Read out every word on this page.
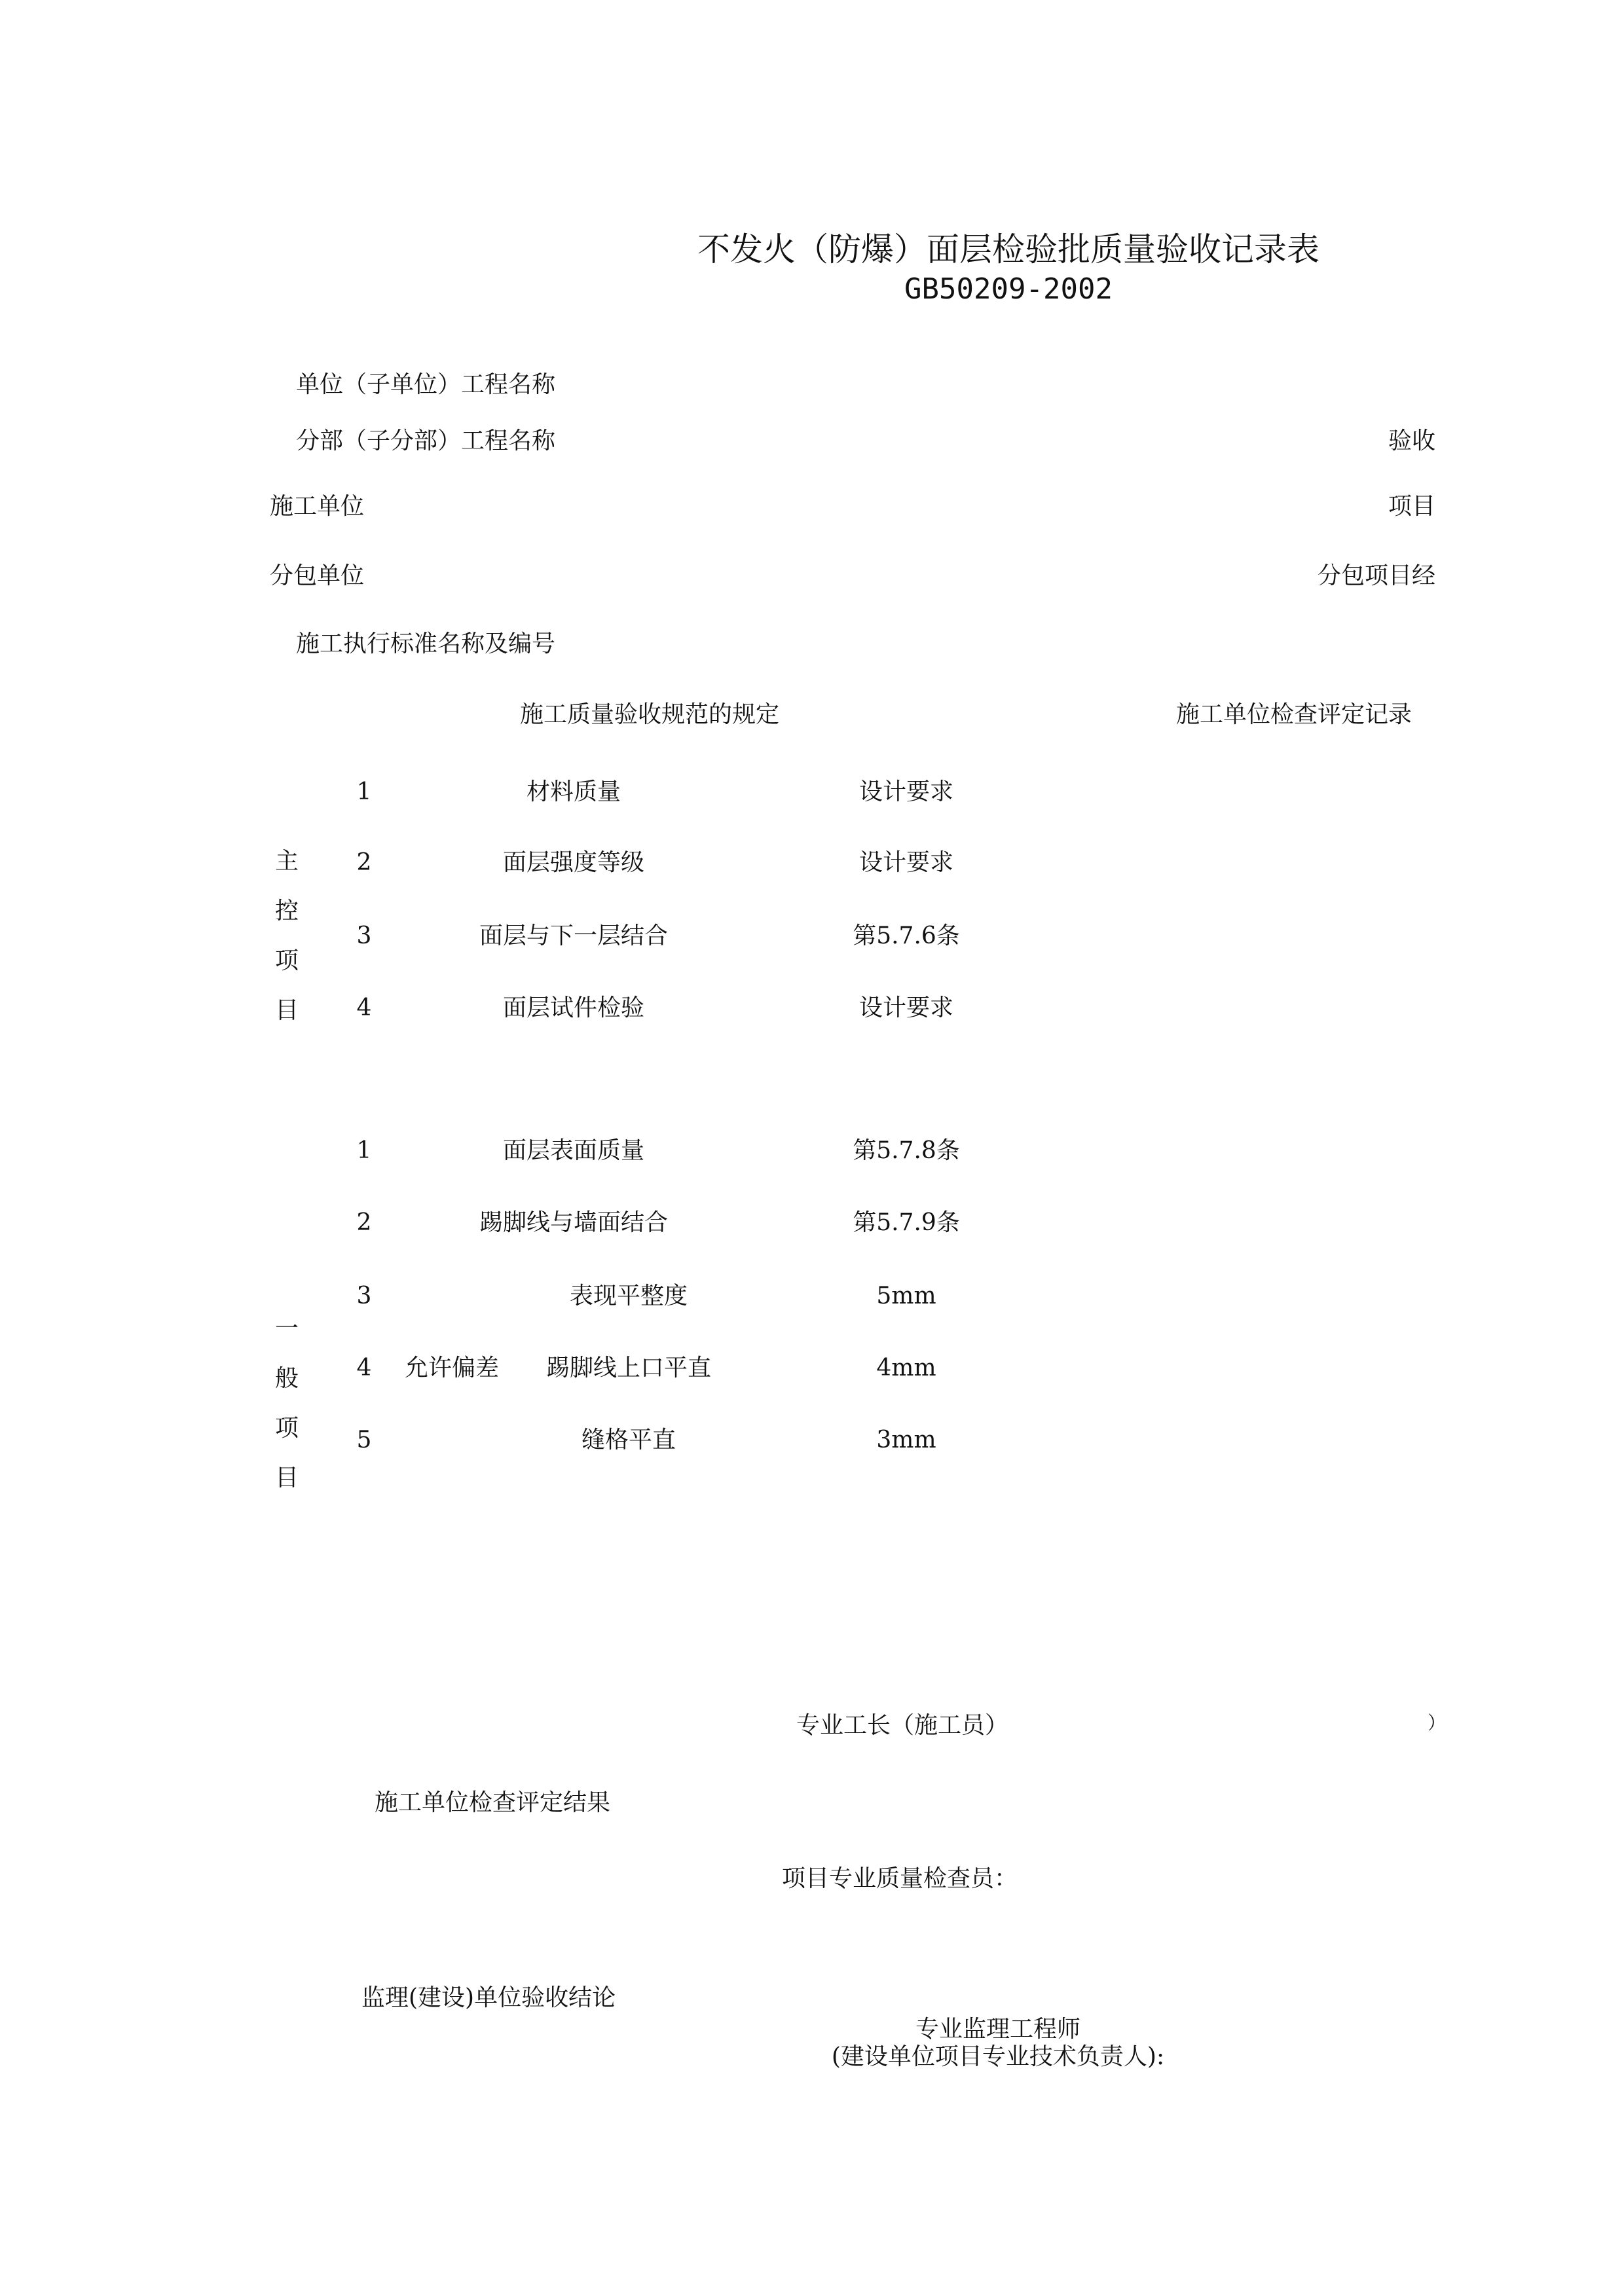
不发火（防爆）面层检验批质量验收记录表
GB50209-2002
单位（子单位）工程名称
分部（子分部）工程名称	验收
施工单位	项目
分包单位	分包项目经
施工执行标准名称及编号
施工质量验收规范的规定	施工单位检查评定记录
主
控
项
目
1	材料质量	设计要求
2	面层强度等级	设计要求
3	面层与下一层结合	第5.7.6条
4	面层试件检验	设计要求
一
般
项
目
1	面层表面质量	第5.7.8条
2	踢脚线与墙面结合	第5.7.9条
3	表现平整度	5mm
4 允许偏差 踢脚线上口平直	4mm
5	缝格平直	3mm
专业工长（施工员）	）
施工单位检查评定结果
项目专业质量检查员：
监理(建设)单位验收结论
专业监理工程师
(建设单位项目专业技术负责人):
